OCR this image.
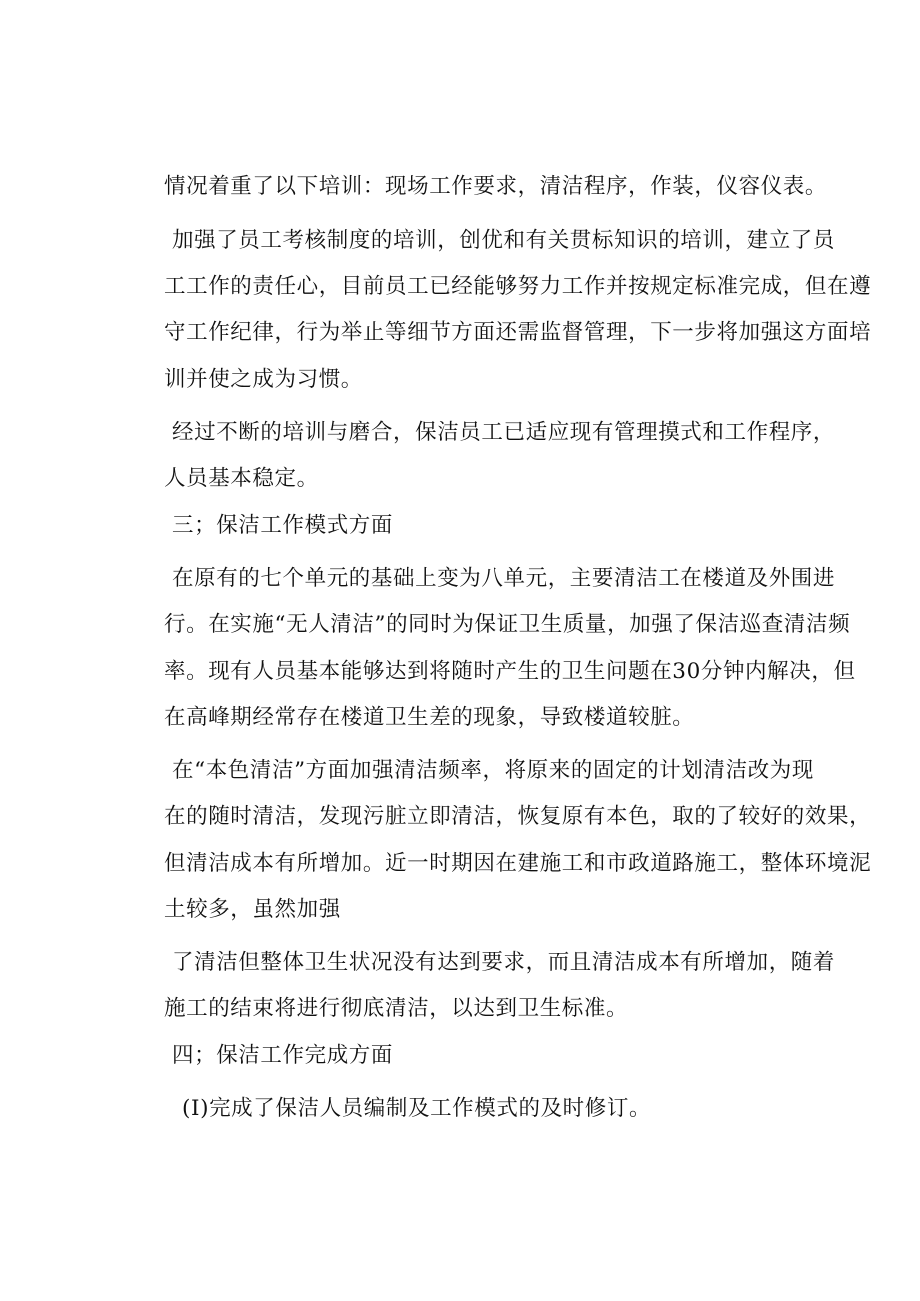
情况着重了以下培训：现场工作要求，清洁程序，作装，仪容仪表。
加强了员工考核制度的培训，创优和有关贯标知识的培训，建立了员
工工作的责任心，目前员工已经能够努力工作并按规定标准完成，但在遵
守工作纪律，行为举止等细节方面还需监督管理，下一步将加强这方面培
训并使之成为习惯。
经过不断的培训与磨合，保洁员工已适应现有管理摸式和工作程序，
人员基本稳定。
三；保洁工作模式方面
在原有的七个单元的基础上变为八单元，主要清洁工在楼道及外围进
行。在实施“无人清洁”的同时为保证卫生质量，加强了保洁巡查清洁频
率。现有人员基本能够达到将随时产生的卫生问题在30分钟内解决，但
在高峰期经常存在楼道卫生差的现象，导致楼道较脏。
在“本色清洁”方面加强清洁频率，将原来的固定的计划清洁改为现
在的随时清洁，发现污脏立即清洁，恢复原有本色，取的了较好的效果，
但清洁成本有所增加。近一时期因在建施工和市政道路施工，整体环境泥
土较多，虽然加强
了清洁但整体卫生状况没有达到要求，而且清洁成本有所增加，随着
施工的结束将进行彻底清洁，以达到卫生标准。
四；保洁工作完成方面
(I)完成了保洁人员编制及工作模式的及时修订。
